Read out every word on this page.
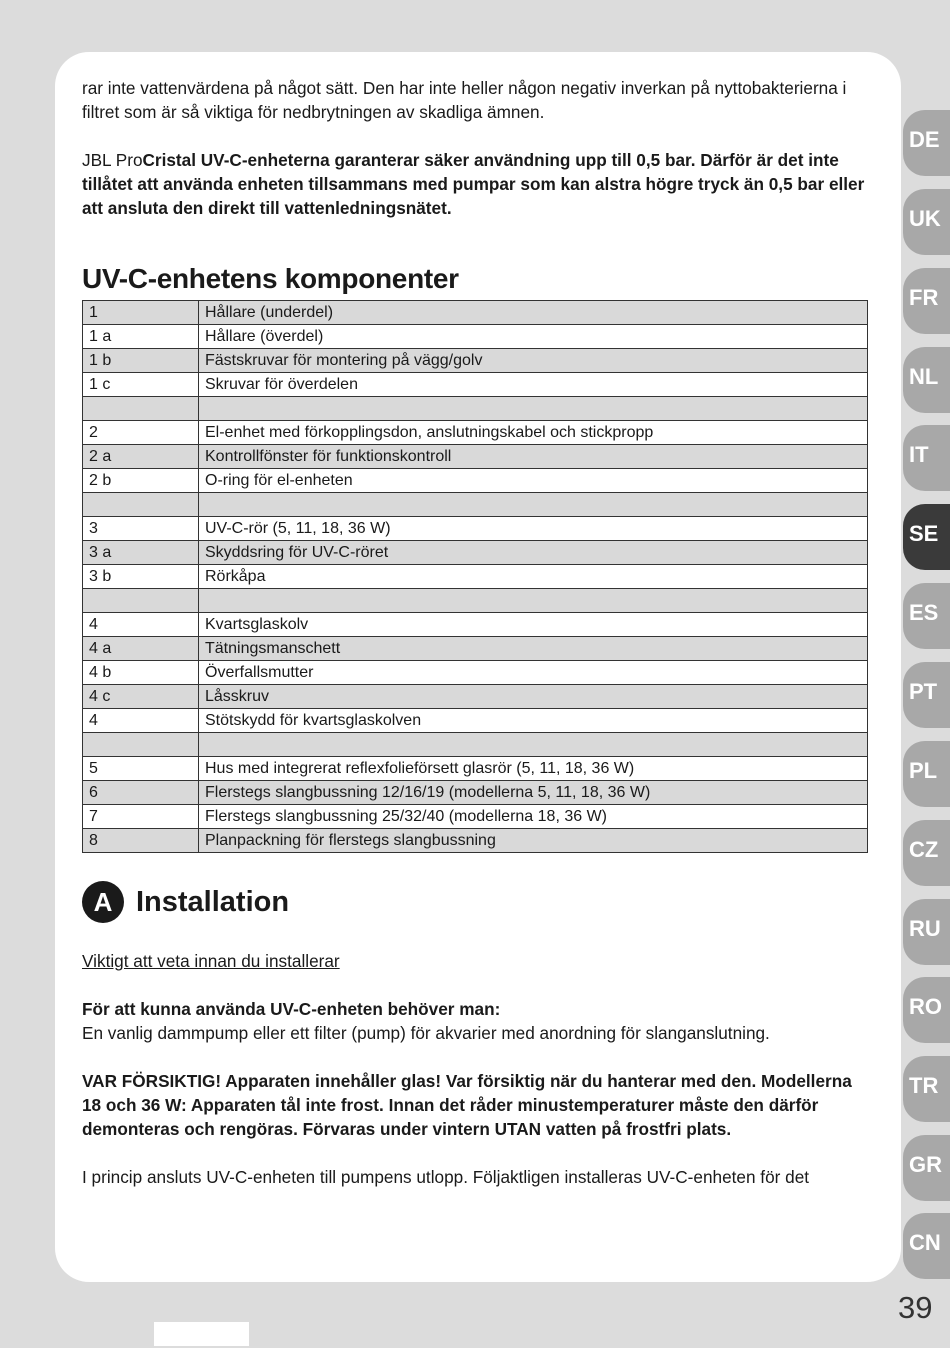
rar inte vattenvärdena på något sätt. Den har inte heller någon negativ inverkan på nyttobakterierna i filtret som är så viktiga för nedbrytningen av skadliga ämnen.

JBL ProCristal UV-C-enheterna garanterar säker användning upp till 0,5 bar. Därför är det inte tillåtet att använda enheten tillsammans med pumpar som kan alstra högre tryck än 0,5 bar eller att ansluta den direkt till vattenledningsnätet.

UV-C-enhetens komponenter
1	Hållare (underdel)
1 a	Hållare (överdel)
1 b	Fästskruvar för montering på vägg/golv
1 c	Skruvar för överdelen

2	El-enhet med förkopplingsdon, anslutningskabel och stickpropp
2 a	Kontrollfönster för funktionskontroll
2 b	O-ring för el-enheten

3	UV-C-rör (5, 11, 18, 36 W)
3 a	Skyddsring för UV-C-röret
3 b	Rörkåpa

4	Kvartsglaskolv
4 a	Tätningsmanschett
4 b	Överfallsmutter
4 c	Låsskruv
4	Stötskydd för kvartsglaskolven

5	Hus med integrerat reflexfolieförsett glasrör (5, 11, 18, 36 W)
6	Flerstegs slangbussning 12/16/19 (modellerna 5, 11, 18, 36 W)
7	Flerstegs slangbussning 25/32/40 (modellerna 18, 36 W)
8	Planpackning för flerstegs slangbussning
A Installation

Viktigt att veta innan du installerar

För att kunna använda UV-C-enheten behöver man:

En vanlig dammpump eller ett filter (pump) för akvarier med anordning för slanganslutning.

VAR FÖRSIKTIG! Apparaten innehåller glas! Var försiktig när du hanterar med den. Modellerna 18 och 36 W: Apparaten tål inte frost. Innan det råder minustemperaturer måste den därför demonteras och rengöras. Förvaras under vintern UTAN vatten på frostfri plats.

I princip ansluts UV-C-enheten till pumpens utlopp. Följaktligen installeras UV-C-enheten för det

DE
UK
FR
NL
IT
SE
ES
PT
PL
CZ
RU
RO
TR
GR
CN
39
